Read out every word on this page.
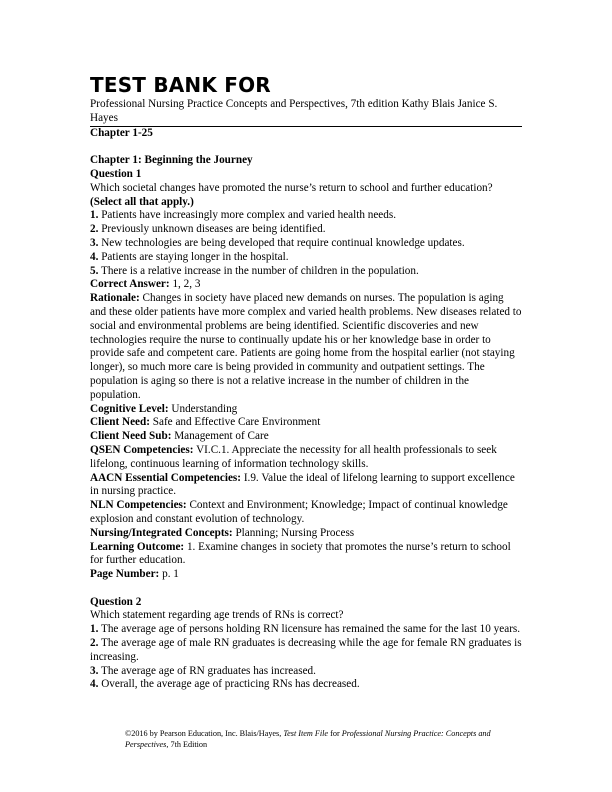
TEST BANK FOR

Professional Nursing Practice Concepts and Perspectives, 7th edition Kathy Blais Janice S. Hayes

Chapter 1-25

Chapter 1: Beginning the Journey

Question 1

Which societal changes have promoted the nurse’s return to school and further education? (Select all that apply.)

1. Patients have increasingly more complex and varied health needs.

2. Previously unknown diseases are being identified.

3. New technologies are being developed that require continual knowledge updates.

4. Patients are staying longer in the hospital.

5. There is a relative increase in the number of children in the population.

Correct Answer: 1, 2, 3

Rationale: Changes in society have placed new demands on nurses. The population is aging and these older patients have more complex and varied health problems. New diseases related to social and environmental problems are being identified. Scientific discoveries and new technologies require the nurse to continually update his or her knowledge base in order to provide safe and competent care. Patients are going home from the hospital earlier (not staying longer), so much more care is being provided in community and outpatient settings. The population is aging so there is not a relative increase in the number of children in the population.

Cognitive Level: Understanding

Client Need: Safe and Effective Care Environment

Client Need Sub: Management of Care

QSEN Competencies: VI.C.1. Appreciate the necessity for all health professionals to seek lifelong, continuous learning of information technology skills.

AACN Essential Competencies: I.9. Value the ideal of lifelong learning to support excellence in nursing practice.

NLN Competencies: Context and Environment; Knowledge; Impact of continual knowledge explosion and constant evolution of technology.

Nursing/Integrated Concepts: Planning; Nursing Process

Learning Outcome: 1. Examine changes in society that promotes the nurse’s return to school for further education.

Page Number: p. 1

Question 2

Which statement regarding age trends of RNs is correct?

1. The average age of persons holding RN licensure has remained the same for the last 10 years.

2. The average age of male RN graduates is decreasing while the age for female RN graduates is increasing.

3. The average age of RN graduates has increased.

4. Overall, the average age of practicing RNs has decreased.

©2016 by Pearson Education, Inc. Blais/Hayes, Test Item File for Professional Nursing Practice: Concepts and Perspectives, 7th Edition
